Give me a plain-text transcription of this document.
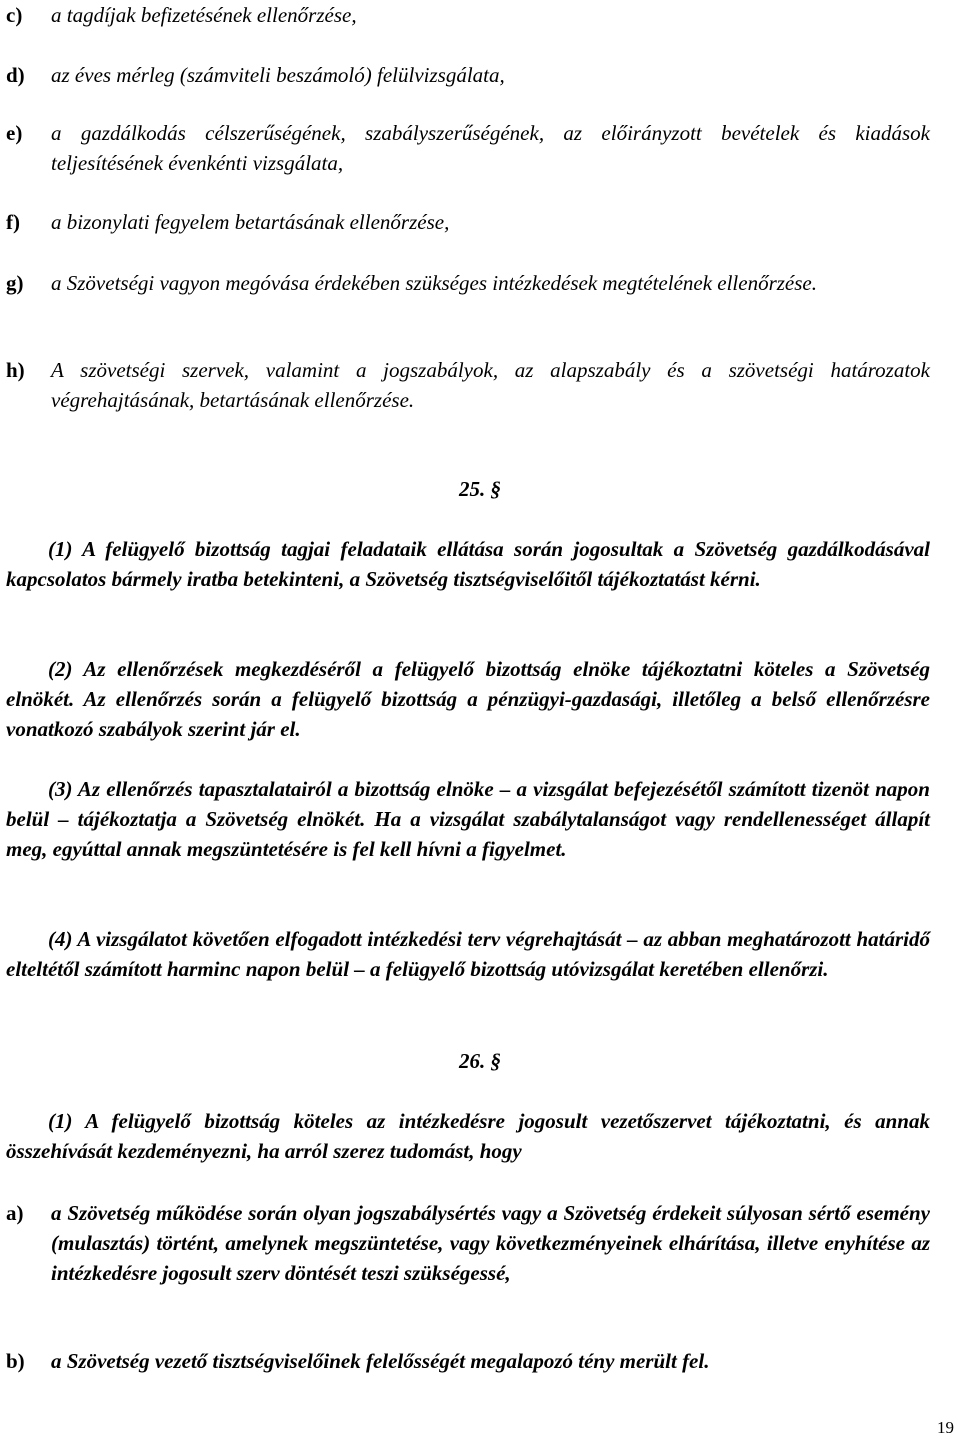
c)	a tagdíjak befizetésének ellenőrzése,
d)	az éves mérleg (számviteli beszámoló) felülvizsgálata,
e)	a gazdálkodás célszerűségének, szabályszerűségének, az előirányzott bevételek és kiadások teljesítésének évenkénti vizsgálata,
f)	a bizonylati fegyelem betartásának ellenőrzése,
g)	a Szövetségi vagyon megóvása érdekében szükséges intézkedések megtételének ellenőrzése.
h)	A szövetségi szervek, valamint a jogszabályok, az alapszabály és a szövetségi határozatok végrehajtásának, betartásának ellenőrzése.
25. §
(1) A felügyelő bizottság tagjai feladataik ellátása során jogosultak a Szövetség gazdálkodásával kapcsolatos bármely iratba betekinteni, a Szövetség tisztségviselőitől tájékoztatást kérni.
(2) Az ellenőrzések megkezdéséről a felügyelő bizottság elnöke tájékoztatni köteles a Szövetség elnökét. Az ellenőrzés során a felügyelő bizottság a pénzügyi-gazdasági, illetőleg a belső ellenőrzésre vonatkozó szabályok szerint jár el.
(3) Az ellenőrzés tapasztalatairól a bizottság elnöke – a vizsgálat befejezésétől számított tizenöt napon belül – tájékoztatja a Szövetség elnökét. Ha a vizsgálat szabálytalanságot vagy rendellenességet állapít meg, egyúttal annak megszüntetésére is fel kell hívni a figyelmet.
(4) A vizsgálatot követően elfogadott intézkedési terv végrehajtását – az abban meghatározott határidő elteltétől számított harminc napon belül – a felügyelő bizottság utóvizsgálat keretében ellenőrzi.
26. §
(1) A felügyelő bizottság köteles az intézkedésre jogosult vezetőszervet tájékoztatni, és annak összehívását kezdeményezni, ha arról szerez tudomást, hogy
a)	a Szövetség működése során olyan jogszabálysértés vagy a Szövetség érdekeit súlyosan sértő esemény (mulasztás) történt, amelynek megszüntetése, vagy következményeinek elhárítása, illetve enyhítése az intézkedésre jogosult szerv döntését teszi szükségessé,
b)	a Szövetség vezető tisztségviselőinek felelősségét megalapozó tény merült fel.
19
